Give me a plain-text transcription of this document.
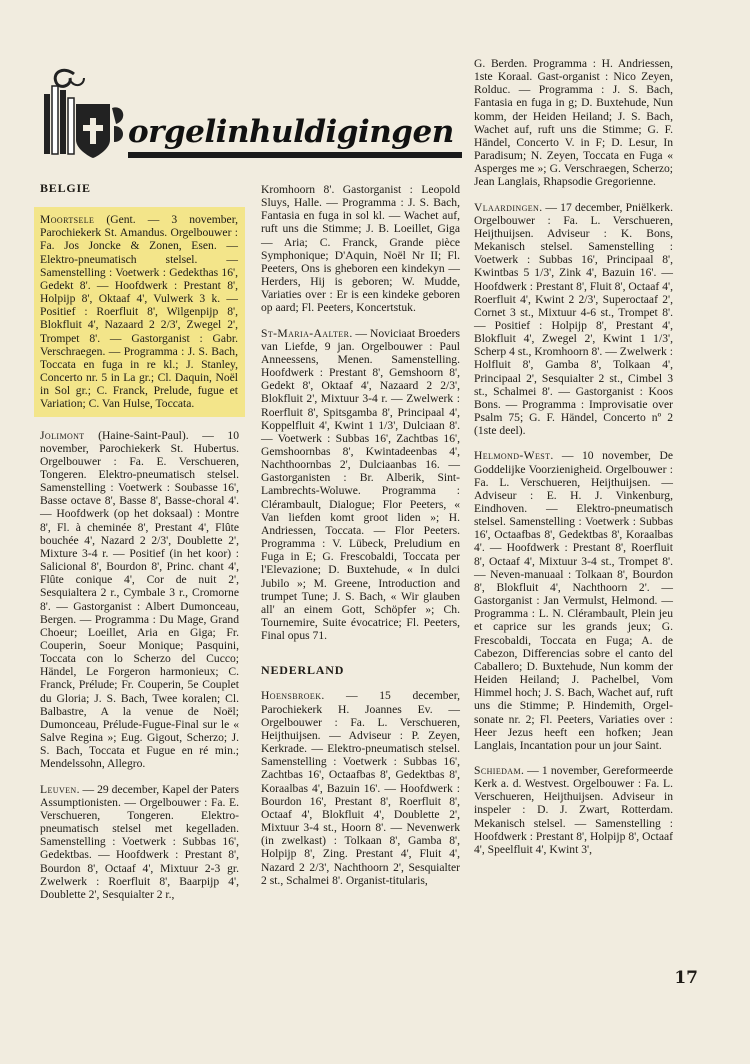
orgelinhuldigingen
BELGIE

Moortsele (Gent. — 3 november, Parochiekerk St. Amandus. Orgelbouwer : Fa. Jos Joncke & Zonen, Esen. — Elektro-pneumatisch stelsel. — Samenstelling : Voetwerk : Gedekthas 16', Gedekt 8'. — Hoofdwerk : Prestant 8', Holpijp 8', Oktaaf 4', Vulwerk 3 k. — Positief : Roerfluit 8', Wilgenpijp 8', Blokfluit 4', Nazaard 2 2/3', Zwegel 2', Trompet 8'. — Gastorganist : Gabr. Verschraegen. — Programma : J. S. Bach, Toccata en fuga in re kl.; J. Stanley, Concerto nr. 5 in La gr.; Cl. Daquin, Noël in Sol gr.; C. Franck, Prelude, fugue et Variation; C. Van Hulse, Toccata.

Jolimont (Haine-Saint-Paul). — 10 november, Parochiekerk St. Hubertus. Orgelbouwer : Fa. E. Verschueren, Tongeren. Elektro-pneumatisch stelsel. Samenstelling : Voetwerk : Soubasse 16', Basse octave 8', Basse 8', Basse-choral 4'. — Hoofdwerk (op het doksaal) : Montre 8', Fl. à cheminée 8', Prestant 4', Flûte bouchée 4', Nazard 2 2/3', Doublette 2', Mixture 3-4 r. — Positief (in het koor) : Salicional 8', Bourdon 8', Princ. chant 4', Flûte conique 4', Cor de nuit 2', Sesquialtera 2 r., Cymbale 3 r., Cromorne 8'. — Gastorganist : Albert Dumonceau, Bergen. — Programma : Du Mage, Grand Choeur; Loeillet, Aria en Giga; Fr. Couperin, Soeur Monique; Pasquini, Toccata con lo Scherzo del Cucco; Händel, Le Forgeron harmonieux; C. Franck, Prélude; Fr. Couperin, 5e Couplet du Gloria; J. S. Bach, Twee koralen; Cl. Balbastre, A la venue de Noël; Dumonceau, Prélude-Fugue-Final sur le « Salve Regina »; Eug. Gigout, Scherzo; J. S. Bach, Toccata et Fugue en ré min.; Mendelssohn, Allegro.

Leuven. — 29 december, Kapel der Paters Assumptionisten. — Orgelbouwer : Fa. E. Verschueren, Tongeren. Elektro-pneumatisch stelsel met kegelladen. Samenstelling : Voetwerk : Subbas 16', Gedektbas. — Hoofdwerk : Prestant 8', Bourdon 8', Octaaf 4', Mixtuur 2-3 gr. Zwelwerk : Roerfluit 8', Baarpijp 4', Doublette 2', Sesquialter 2 r.,

Kromhoorn 8'. Gastorganist : Leopold Sluys, Halle. — Programma : J. S. Bach, Fantasia en fuga in sol kl. — Wachet auf, ruft uns die Stimme; J. B. Loeillet, Giga — Aria; C. Franck, Grande pièce Symphonique; D'Aquin, Noël Nr II; Fl. Peeters, Ons is gheboren een kindekyn — Herders, Hij is geboren; W. Mudde, Variaties over : Er is een kindeke geboren op aard; Fl. Peeters, Koncertstuk.

St-Maria-Aalter. — Noviciaat Broeders van Liefde, 9 jan. Orgelbouwer : Paul Anneessens, Menen. Samenstelling. Hoofdwerk : Prestant 8', Gemshoorn 8', Gedekt 8', Oktaaf 4', Nazaard 2 2/3', Blokfluit 2', Mixtuur 3-4 r. — Zwelwerk : Roerfluit 8', Spitsgamba 8', Principaal 4', Koppelfluit 4', Kwint 1 1/3', Dulciaan 8'. — Voetwerk : Subbas 16', Zachtbas 16', Gemshoornbas 8', Kwintadeenbas 4', Nachthoornbas 2', Dulciaanbas 16. — Gastorganisten : Br. Alberik, Sint-Lambrechts-Woluwe. Programma : Clérambault, Dialogue; Flor Peeters, « Van liefden komt groot liden »; H. Andriessen, Toccata. — Flor Peeters. Programma : V. Lübeck, Preludium en Fuga in E; G. Frescobaldi, Toccata per l'Elevazione; D. Buxtehude, « In dulci Jubilo »; M. Greene, Introduction and trumpet Tune; J. S. Bach, « Wir glauben all' an einem Gott, Schöpfer »; Ch. Tournemire, Suite évocatrice; Fl. Peeters, Final opus 71.

NEDERLAND

Hoensbroek. — 15 december, Parochiekerk H. Joannes Ev. — Orgelbouwer : Fa. L. Verschueren, Heijthuijsen. — Adviseur : P. Zeyen, Kerkrade. — Elektro-pneumatisch stelsel. Samenstelling : Voetwerk : Subbas 16', Zachtbas 16', Octaafbas 8', Gedektbas 8', Koraalbas 4', Bazuin 16'. — Hoofdwerk : Bourdon 16', Prestant 8', Roerfluit 8', Octaaf 4', Blokfluit 4', Doublette 2', Mixtuur 3-4 st., Hoorn 8'. — Nevenwerk (in zwelkast) : Tolkaan 8', Gamba 8', Holpijp 8', Zing. Prestant 4', Fluit 4', Nazard 2 2/3', Nachthoorn 2', Sesquialter 2 st., Schalmei 8'. Organist-titularis,

G. Berden. Programma : H. Andriessen, 1ste Koraal. Gast-organist : Nico Zeyen, Rolduc. — Programma : J. S. Bach, Fantasia en fuga in g; D. Buxtehude, Nun komm, der Heiden Heiland; J. S. Bach, Wachet auf, ruft uns die Stimme; G. F. Händel, Concerto V. in F; D. Lesur, In Paradisum; N. Zeyen, Toccata en Fuga « Asperges me »; G. Verschraegen, Scherzo; Jean Langlais, Rhapsodie Gregorienne.

Vlaardingen. — 17 december, Pniëlkerk. Orgelbouwer : Fa. L. Verschueren, Heijthuijsen. Adviseur : K. Bons, Mekanisch stelsel. Samenstelling : Voetwerk : Subbas 16', Principaal 8', Kwintbas 5 1/3', Zink 4', Bazuin 16'. — Hoofdwerk : Prestant 8', Fluit 8', Octaaf 4', Roerfluit 4', Kwint 2 2/3', Superoctaaf 2', Cornet 3 st., Mixtuur 4-6 st., Trompet 8'. — Positief : Holpijp 8', Prestant 4', Blokfluit 4', Zwegel 2', Kwint 1 1/3', Scherp 4 st., Kromhoorn 8'. — Zwelwerk : Holfluit 8', Gamba 8', Tolkaan 4', Principaal 2', Sesquialter 2 st., Cimbel 3 st., Schalmei 8'. — Gastorganist : Koos Bons. — Programma : Improvisatie over Psalm 75; G. F. Händel, Concerto nº 2 (1ste deel).

Helmond-West. — 10 november, De Goddelijke Voorzienigheid. Orgelbouwer : Fa. L. Verschueren, Heijthuijsen. — Adviseur : E. H. J. Vinkenburg, Eindhoven. — Elektro-pneumatisch stelsel. Samenstelling : Voetwerk : Subbas 16', Octaafbas 8', Gedektbas 8', Koraalbas 4'. — Hoofdwerk : Prestant 8', Roerfluit 8', Octaaf 4', Mixtuur 3-4 st., Trompet 8'. — Neven-manuaal : Tolkaan 8', Bourdon 8', Blokfluit 4', Nachthoorn 2'. — Gastorganist : Jan Vermulst, Helmond. — Programma : L. N. Clérambault, Plein jeu et caprice sur les grands jeux; G. Frescobaldi, Toccata en Fuga; A. de Cabezon, Differencias sobre el canto del Caballero; D. Buxtehude, Nun komm der Heiden Heiland; J. Pachelbel, Vom Himmel hoch; J. S. Bach, Wachet auf, ruft uns die Stimme; P. Hindemith, Orgel-sonate nr. 2; Fl. Peeters, Variaties over : Heer Jezus heeft een hofken; Jean Langlais, Incantation pour un jour Saint.

Schiedam. — 1 november, Gereformeerde Kerk a. d. Westvest. Orgelbouwer : Fa. L. Verschueren, Heijthuijsen. Adviseur in inspeler : D. J. Zwart, Rotterdam. Mekanisch stelsel. — Samenstelling : Hoofdwerk : Prestant 8', Holpijp 8', Octaaf 4', Speelfluit 4', Kwint 3',

17
